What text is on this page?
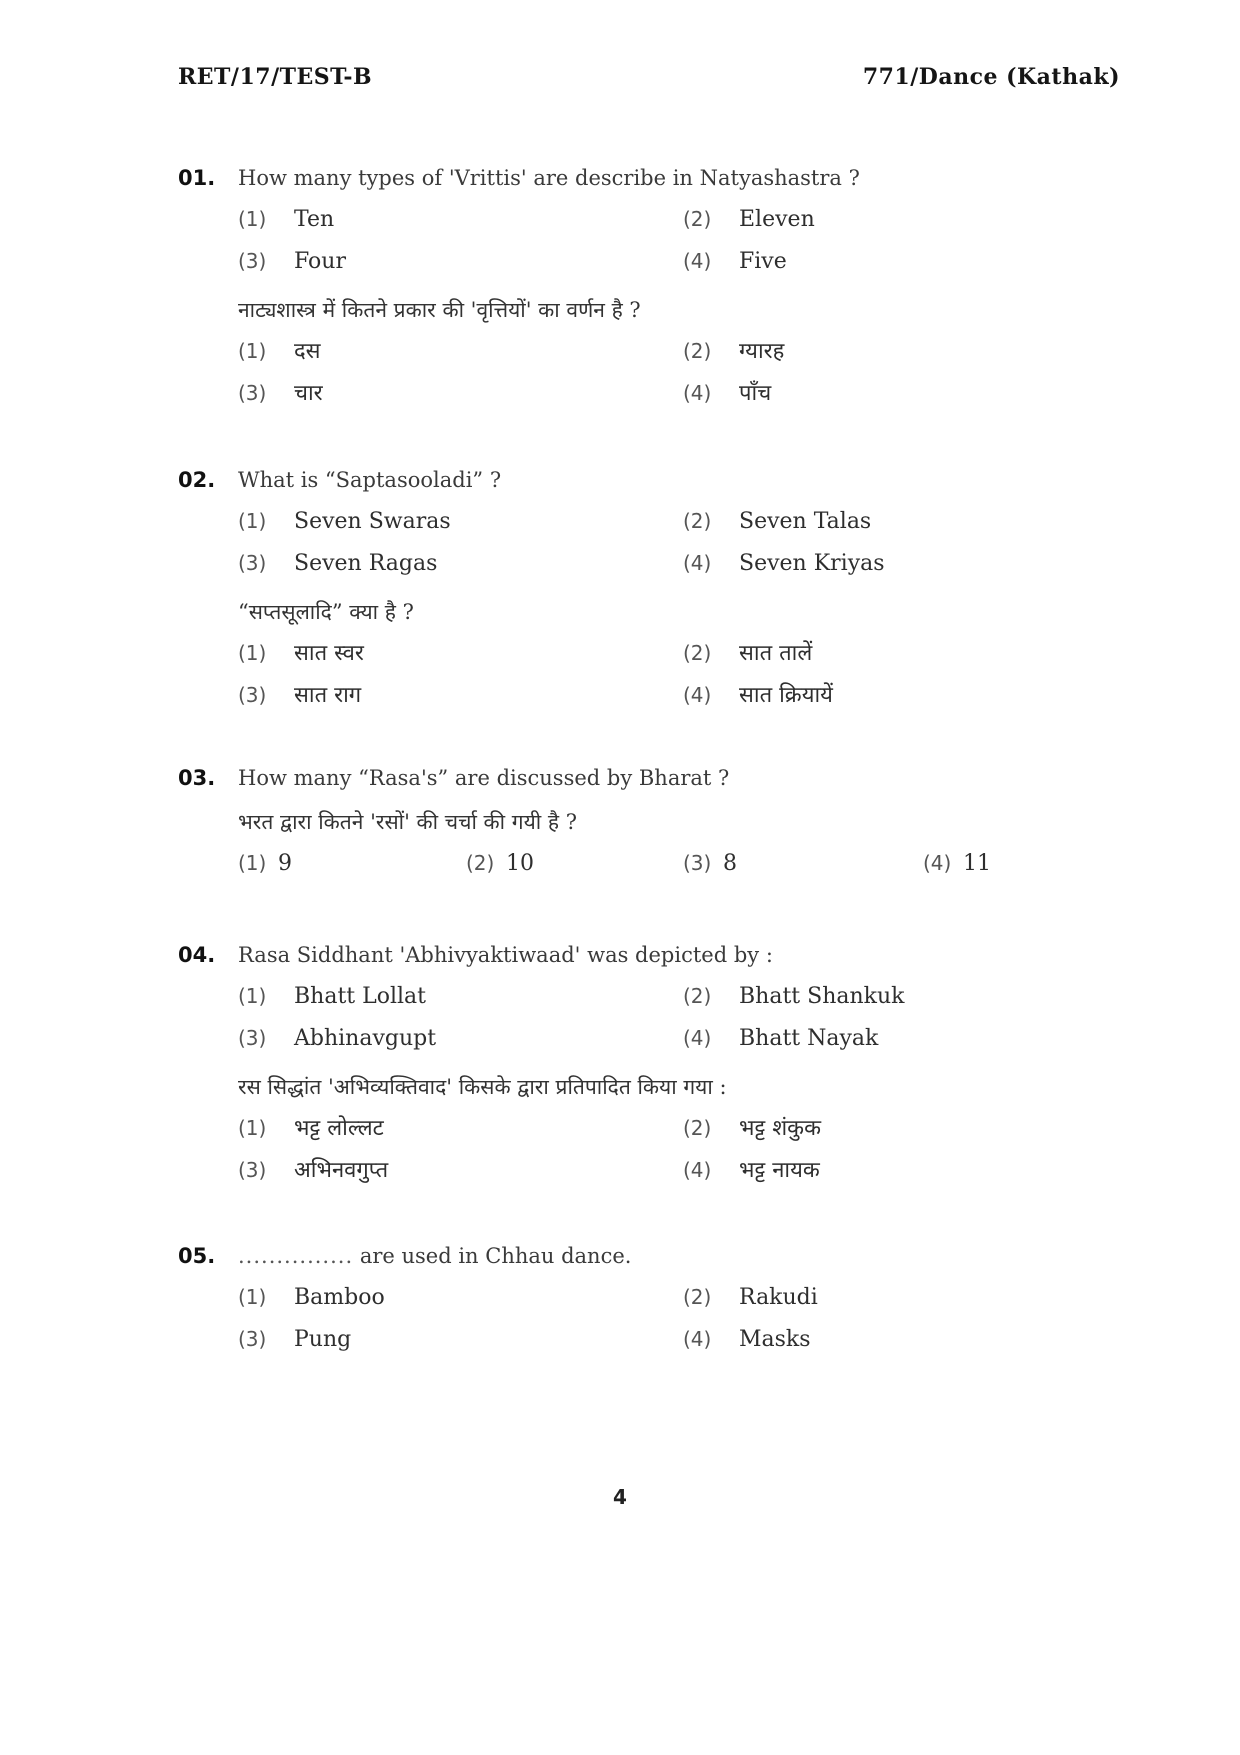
RET/17/TEST-B	771/Dance (Kathak)
01. How many types of 'Vrittis' are describe in Natyashastra ?
(1) Ten	(2) Eleven
(3) Four	(4) Five
नाट्यशास्त्र में कितने प्रकार की 'वृत्तियों' का वर्णन है ?
(1) दस	(2) ग्यारह
(3) चार	(4) पाँच
02. What is “Saptasooladi” ?
(1) Seven Swaras	(2) Seven Talas
(3) Seven Ragas	(4) Seven Kriyas
“सप्तसूलादि” क्या है ?
(1) सात स्वर	(2) सात तालें
(3) सात राग	(4) सात क्रियायें
03. How many “Rasa's” are discussed by Bharat ?
भरत द्वारा कितने 'रसों' की चर्चा की गयी है ?
(1) 9	(2) 10	(3) 8	(4) 11
04. Rasa Siddhant 'Abhivyaktiwaad' was depicted by :
(1) Bhatt Lollat	(2) Bhatt Shankuk
(3) Abhinavgupt	(4) Bhatt Nayak
रस सिद्धांत 'अभिव्यक्तिवाद' किसके द्वारा प्रतिपादित किया गया :
(1) भट्ट लोल्लट	(2) भट्ट शंकुक
(3) अभिनवगुप्त	(4) भट्ट नायक
05. ............... are used in Chhau dance.
(1) Bamboo	(2) Rakudi
(3) Pung	(4) Masks
4
